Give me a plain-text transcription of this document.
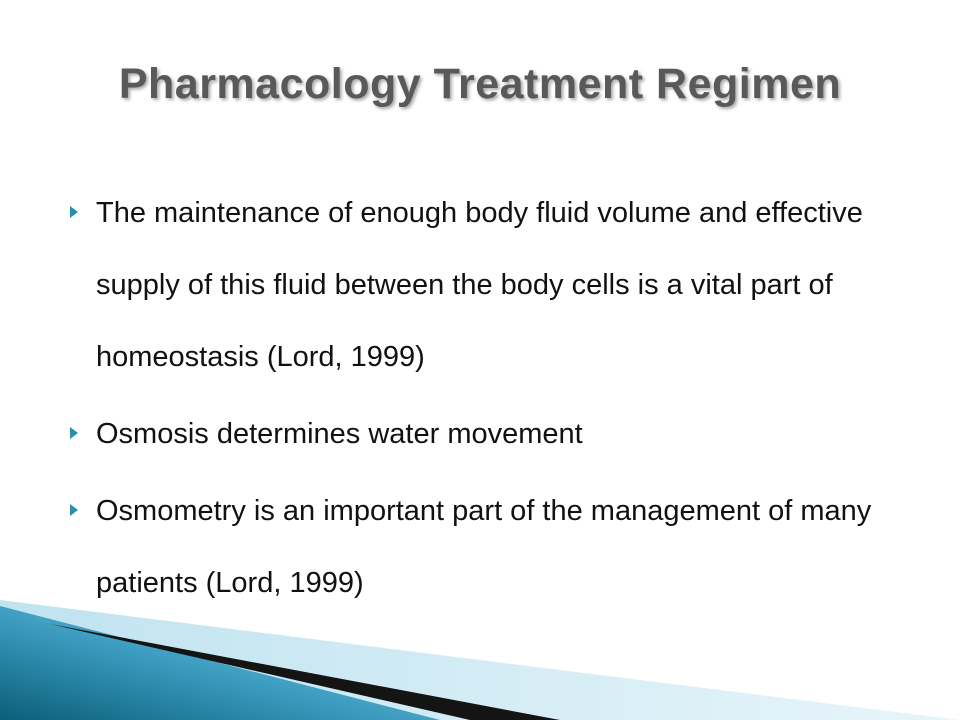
Pharmacology Treatment Regimen
The maintenance of enough body fluid volume and effective supply of this fluid between the body cells is a vital part of homeostasis (Lord, 1999)
Osmosis determines water movement
Osmometry is an important part of the management of many patients (Lord, 1999)
